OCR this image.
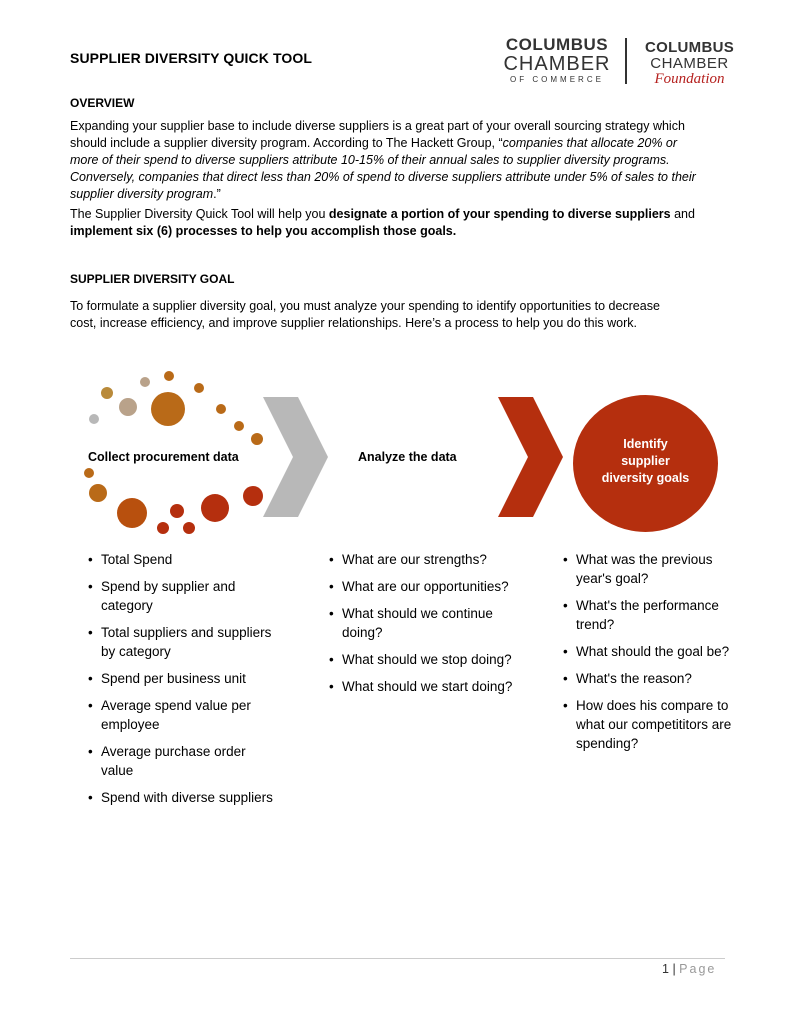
SUPPLIER DIVERSITY QUICK TOOL
COLUMBUS
CHAMBER
OF COMMERCE
COLUMBUS
CHAMBER
Foundation
OVERVIEW
Expanding your supplier base to include diverse suppliers is a great part of your overall sourcing strategy which
should include a supplier diversity program. According to The Hackett Group, “companies that allocate 20% or
more of their spend to diverse suppliers attribute 10-15% of their annual sales to supplier diversity programs.
Conversely, companies that direct less than 20% of spend to diverse suppliers attribute under 5% of sales to their
supplier diversity program.”
The Supplier Diversity Quick Tool will help you designate a portion of your spending to diverse suppliers and
implement six (6) processes to help you accomplish those goals.
SUPPLIER DIVERSITY GOAL
To formulate a supplier diversity goal, you must analyze your spending to identify opportunities to decrease
cost, increase efficiency, and improve supplier relationships. Here’s a process to help you do this work.
Identify
supplier
diversity goals
Collect procurement data	Analyze the data
• Total Spend
• Spend by supplier and category
• Total suppliers and suppliers by category
• Spend per business unit
• Average spend value per employee
• Average purchase order value
• Spend with diverse suppliers
• What are our strengths?
• What are our opportunities?
• What should we continue doing?
• What should we stop doing?
• What should we start doing?
• What was the previous year's goal?
• What's the performance trend?
• What should the goal be?
• What's the reason?
• How does his compare to what our competititors are spending?
1 | Page
